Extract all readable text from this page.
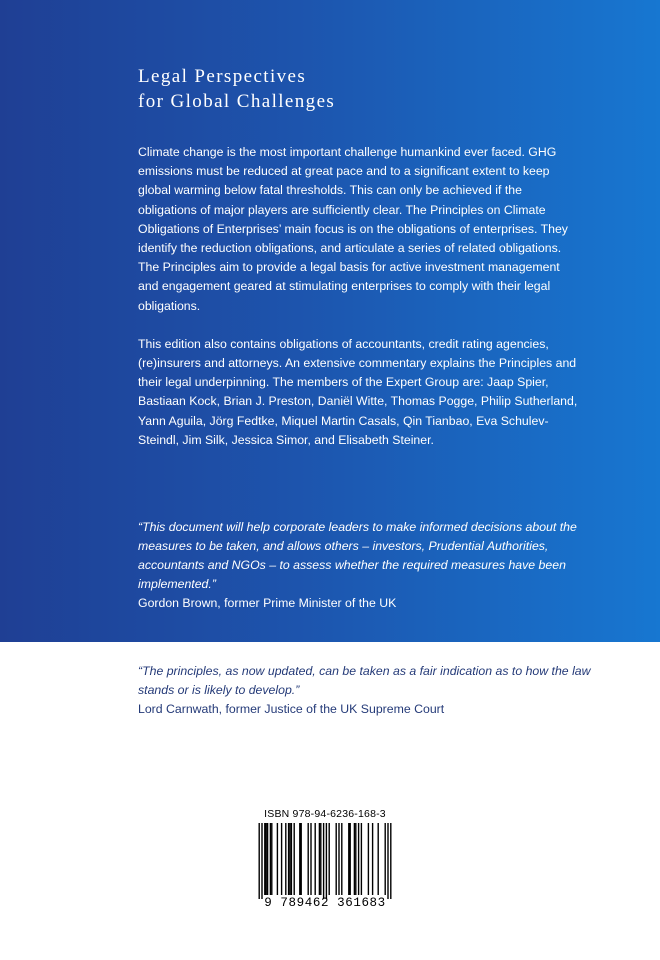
Legal Perspectives
for Global Challenges

Climate change is the most important challenge humankind ever faced. GHG emissions must be reduced at great pace and to a significant extent to keep global warming below fatal thresholds. This can only be achieved if the obligations of major players are sufficiently clear. The Principles on Climate Obligations of Enterprises’ main focus is on the obligations of enterprises. They identify the reduction obligations, and articulate a series of related obligations. The Principles aim to provide a legal basis for active investment management and engagement geared at stimulating enterprises to comply with their legal obligations.

This edition also contains obligations of accountants, credit rating agencies, (re)insurers and attorneys. An extensive commentary explains the Principles and their legal underpinning. The members of the Expert Group are: Jaap Spier, Bastiaan Kock, Brian J. Preston, Daniël Witte, Thomas Pogge, Philip Sutherland, Yann Aguila, Jörg Fedtke, Miquel Martin Casals, Qin Tianbao, Eva Schulev-Steindl, Jim Silk, Jessica Simor, and Elisabeth Steiner.

“This document will help corporate leaders to make informed decisions about the measures to be taken, and allows others – investors, Prudential Authorities, accountants and NGOs – to assess whether the required measures have been implemented.”

Gordon Brown, former Prime Minister of the UK

“The principles, as now updated, can be taken as a fair indication as to how the law stands or is likely to develop.”

Lord Carnwath, former Justice of the UK Supreme Court

ISBN 978-94-6236-168-3
9 789462 361683
